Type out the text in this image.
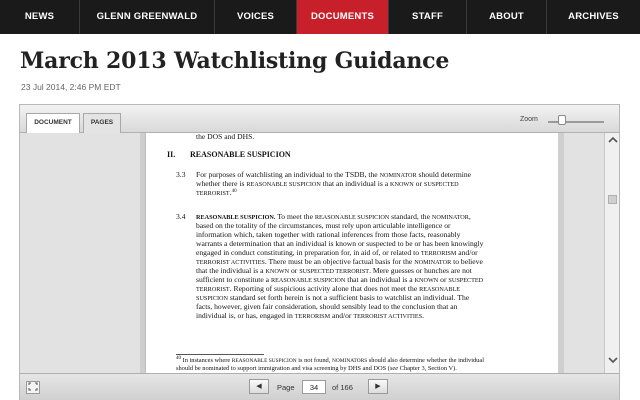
NEWS	GLENN GREENWALD	VOICES	DOCUMENTS	STAFF	ABOUT	ARCHIVES
March 2013 Watchlisting Guidance
23 Jul 2014, 2:46 PM EDT
DOCUMENT	PAGES	Zoom
the DOS and DHS.
II. REASONABLE SUSPICION
3.3 For purposes of watchlisting an individual to the TSDB, the NOMINATOR should determine
whether there is REASONABLE SUSPICION that an individual is a KNOWN or SUSPECTED
TERRORIST.$^{40}$
3.4 REASONABLE SUSPICION. To meet the REASONABLE SUSPICION standard, the NOMINATOR,
based on the totality of the circumstances, must rely upon articulable intelligence or
information which, taken together with rational inferences from those facts, reasonably
warrants a determination that an individual is known or suspected to be or has been knowingly
engaged in conduct constituting, in preparation for, in aid of, or related to TERRORISM and/or
TERRORIST ACTIVITIES. There must be an objective factual basis for the NOMINATOR to believe
that the individual is a KNOWN or SUSPECTED TERRORIST. Mere guesses or hunches are not
sufficient to constitute a REASONABLE SUSPICION that an individual is a KNOWN or SUSPECTED
TERRORIST. Reporting of suspicious activity alone that does not meet the REASONABLE
SUSPICION standard set forth herein is not a sufficient basis to watchlist an individual. The
facts, however, given fair consideration, should sensibly lead to the conclusion that an
individual is, or has, engaged in TERRORISM and/or TERRORIST ACTIVITIES.
$^{40}$ In instances where REASONABLE SUSPICION is not found, NOMINATORS should also determine whether the individual
should be nominated to support immigration and visa screening by DHS and DOS (see Chapter 3, Section V).
◀	Page
34	of 166	▶
